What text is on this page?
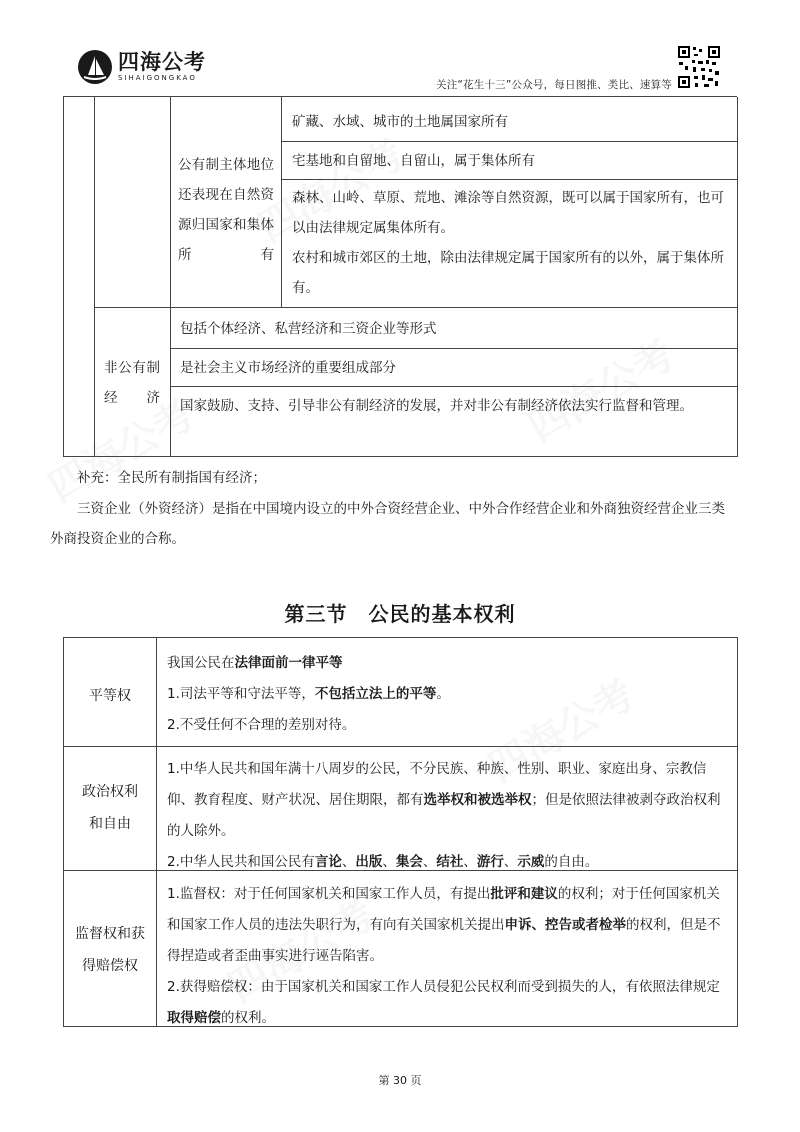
四海公考
SIHAIGONGKAO
关注“花生十三”公众号，每日图推、类比、速算等
公有制主体地位还表现在自然资源归国家和集体所有
矿藏、水域、城市的土地属国家所有
宅基地和自留地、自留山，属于集体所有
森林、山岭、草原、荒地、滩涂等自然资源，既可以属于国家所有，也可以由法律规定属集体所有。
农村和城市郊区的土地，除由法律规定属于国家所有的以外，属于集体所有。
非公有制经济
包括个体经济、私营经济和三资企业等形式
是社会主义市场经济的重要组成部分
国家鼓励、支持、引导非公有制经济的发展，并对非公有制经济依法实行监督和管理。
补充：全民所有制指国有经济；
三资企业（外资经济）是指在中国境内设立的中外合资经营企业、中外合作经营企业和外商独资经营企业三类外商投资企业的合称。
第三节　公民的基本权利
平等权
我国公民在法律面前一律平等
1.司法平等和守法平等，不包括立法上的平等。
2.不受任何不合理的差别对待。
政治权利
和自由
1.中华人民共和国年满十八周岁的公民，不分民族、种族、性别、职业、家庭出身、宗教信仰、教育程度、财产状况、居住期限，都有选举权和被选举权；但是依照法律被剥夺政治权利的人除外。
2.中华人民共和国公民有言论、出版、集会、结社、游行、示威的自由。
监督权和获
得赔偿权
1.监督权：对于任何国家机关和国家工作人员，有提出批评和建议的权利；对于任何国家机关和国家工作人员的违法失职行为，有向有关国家机关提出申诉、控告或者检举的权利，但是不得捏造或者歪曲事实进行诬告陷害。
2.获得赔偿权：由于国家机关和国家工作人员侵犯公民权利而受到损失的人，有依照法律规定取得赔偿的权利。
第 30 页
